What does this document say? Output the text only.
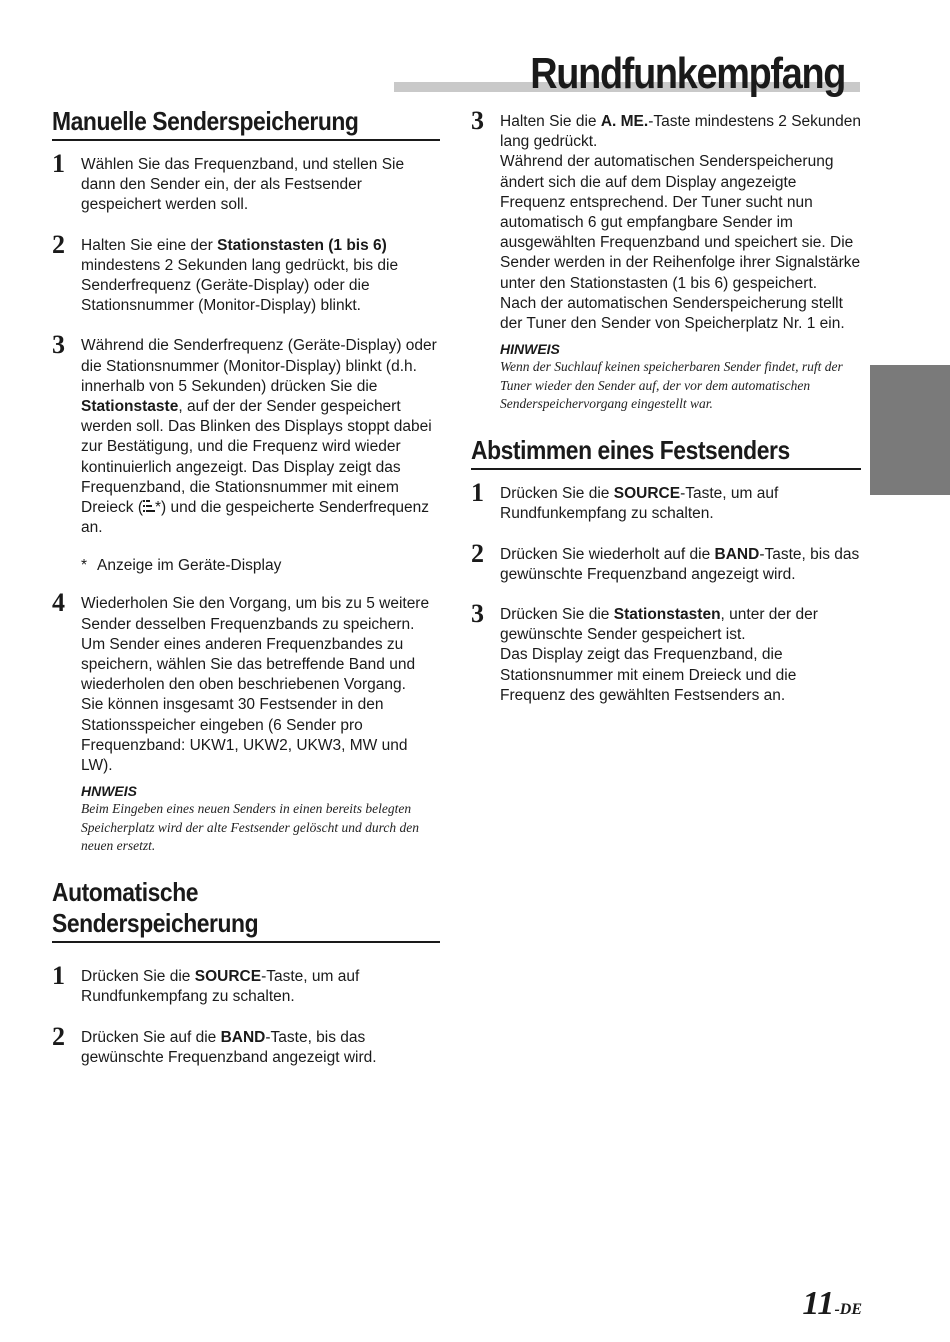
Rundfunkempfang
Manuelle Senderspeicherung
1 Wählen Sie das Frequenzband, und stellen Sie dann den Sender ein, der als Festsender gespeichert werden soll.
2 Halten Sie eine der Stationstasten (1 bis 6) mindestens 2 Sekunden lang gedrückt, bis die Senderfrequenz (Geräte-Display) oder die Stationsnummer (Monitor-Display) blinkt.
3 Während die Senderfrequenz (Geräte-Display) oder die Stationsnummer (Monitor-Display) blinkt (d.h. innerhalb von 5 Sekunden) drücken Sie die Stationstaste, auf der der Sender gespeichert werden soll. Das Blinken des Displays stoppt dabei zur Bestätigung, und die Frequenz wird wieder kontinuierlich angezeigt. Das Display zeigt das Frequenzband, die Stationsnummer mit einem Dreieck ( *) und die gespeicherte Senderfrequenz an.
* Anzeige im Geräte-Display
4 Wiederholen Sie den Vorgang, um bis zu 5 weitere Sender desselben Frequenzbands zu speichern.
Um Sender eines anderen Frequenzbandes zu speichern, wählen Sie das betreffende Band und wiederholen den oben beschriebenen Vorgang.
Sie können insgesamt 30 Festsender in den Stationsspeicher eingeben (6 Sender pro Frequenzband: UKW1, UKW2, UKW3, MW und LW).
HNWEIS
Beim Eingeben eines neuen Senders in einen bereits belegten Speicherplatz wird der alte Festsender gelöscht und durch den neuen ersetzt.
Automatische Senderspeicherung
1 Drücken Sie die SOURCE-Taste, um auf Rundfunkempfang zu schalten.
2 Drücken Sie auf die BAND-Taste, bis das gewünschte Frequenzband angezeigt wird.
3 Halten Sie die A. ME.-Taste mindestens 2 Sekunden lang gedrückt.
Während der automatischen Senderspeicherung ändert sich die auf dem Display angezeigte Frequenz entsprechend. Der Tuner sucht nun automatisch 6 gut empfangbare Sender im ausgewählten Frequenzband und speichert sie. Die Sender werden in der Reihenfolge ihrer Signalstärke unter den Stationstasten (1 bis 6) gespeichert.
Nach der automatischen Senderspeicherung stellt der Tuner den Sender von Speicherplatz Nr. 1 ein.
HINWEIS
Wenn der Suchlauf keinen speicherbaren Sender findet, ruft der Tuner wieder den Sender auf, der vor dem automatischen Senderspeichervorgang eingestellt war.
Abstimmen eines Festsenders
1 Drücken Sie die SOURCE-Taste, um auf Rundfunkempfang zu schalten.
2 Drücken Sie wiederholt auf die BAND-Taste, bis das gewünschte Frequenzband angezeigt wird.
3 Drücken Sie die Stationstasten, unter der der gewünschte Sender gespeichert ist.
Das Display zeigt das Frequenzband, die Stationsnummer mit einem Dreieck und die Frequenz des gewählten Festsenders an.
11-DE
